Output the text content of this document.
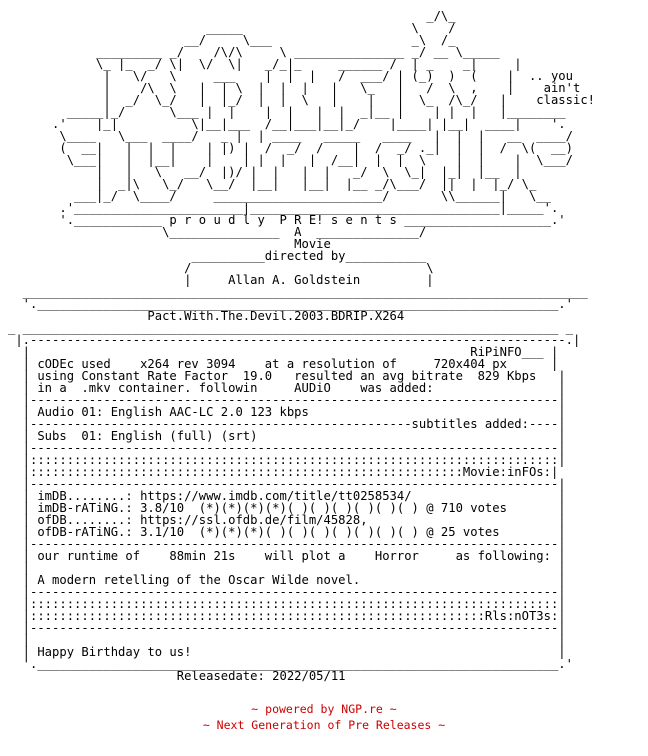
_/\_
_____                       \    /
__/     \___                   _\  /_
_________ _/    /\/\     \ _______________ _/ __ \_____
\_ |_  _/ \|  \/  \|   _/_|_     ______ /  | _    _|     |
|   \/   \     ___    |  |  |   /  ___/ | (_)  )  (    |  .. you
|    /\  \   |  | \  |  |  |   |   \_   |   /  \  ,    |    ain't
|  _/  \_/   |  |_/  |  |  \   |    |   |  \_  /\_/   |    classic!
_____|_/      \___ |  |    |  |   |  |  _|__ |    | |  |   |________
.'    |_|          \|__|___  /__|___|__|_/    |____| |__|  ____|    '.
\____   \___  ____/   _ |  | ____   _____   ____   |  |  |   __  ____/
(  __|   |  |  |    | |) |  /  _/  /    |  /  _/ ._|  |  |  /  \(  __)
\___|   |  |__|    |    | |  |   |  /__|  |  |  \    |  |    |  \___/
|   |   \   __/  |)/ |  |   |  |   _/  \  \_|  |_|  |__  |
|  _|\   \_/   \__/  |__|   |__|  |__ _/\___/  ||  |  |_/ \_
___|_/  \____/     _______________________/       \\______|   \__
.'_______________________|__________________________________|_____'.
'.____________ p r o u d l y  P R E! s e n t s ____________________.'
\_______________  A  ______________/
Movie
__________directed by___________
/                                \
|     Allan A. Goldstein         |
_____________________________________________________________________________
'._______________________________________________________________________.'
Pact.With.The.Devil.2003.BDRIP.X264
_ _________________________________________________________________________ _
|.-------------------------------------------------------------------------.|
|                                                            RiPiNFO___ |
| cODEc used    x264 rev 3094    at a resolution of     720x404 px      |
| using Constant Rate Factor  19.0   resulted an avg bitrate  829 Kbps   |
| in a  .mkv container. followin     AUDiO    was added:                 |
|------------------------------------------------------------------------|
| Audio 01: English AAC-LC 2.0 123 kbps                                  |
|----------------------------------------------------subtitles added:----|
| Subs  01: English (full) (srt)                                         |
|------------------------------------------------------------------------|
|::::::::::::::::::::::::::::::::::::::::::::::::::::::::::::::::::::::::|
|:::::::::::::::::::::::::::::::::::::::::::::::::::::::::::Movie:inFOs:|
|------------------------------------------------------------------------|
| imDB........: https://www.imdb.com/title/tt0258534/                    |
| imDB-rATiNG.: 3.8/10  (*)(*)(*)(*)( )( )( )( )( )( ) @ 710 votes       |
| ofDB........: https://ssl.ofdb.de/film/45828,                          |
| ofDB-rATiNG.: 3.1/10  (*)(*)(*)( )( )( )( )( )( )( ) @ 25 votes        |
|------------------------------------------------------------------------|
| our runtime of    88min 21s    will plot a    Horror     as following: |
|                                                                        |
| A modern retelling of the Oscar Wilde novel.                           |
|------------------------------------------------------------------------|
|::::::::::::::::::::::::::::::::::::::::::::::::::::::::::::::::::::::::|
|::::::::::::::::::::::::::::::::::::::::::::::::::::::::::::::Rls:nOT3s:|
|------------------------------------------------------------------------|
|                                                                        |
| Happy Birthday to us!                                                  |
'._______________________________________________________________________.'
Releasedate: 2022/05/11
~ powered by NGP.re ~
~ Next Generation of Pre Releases ~
